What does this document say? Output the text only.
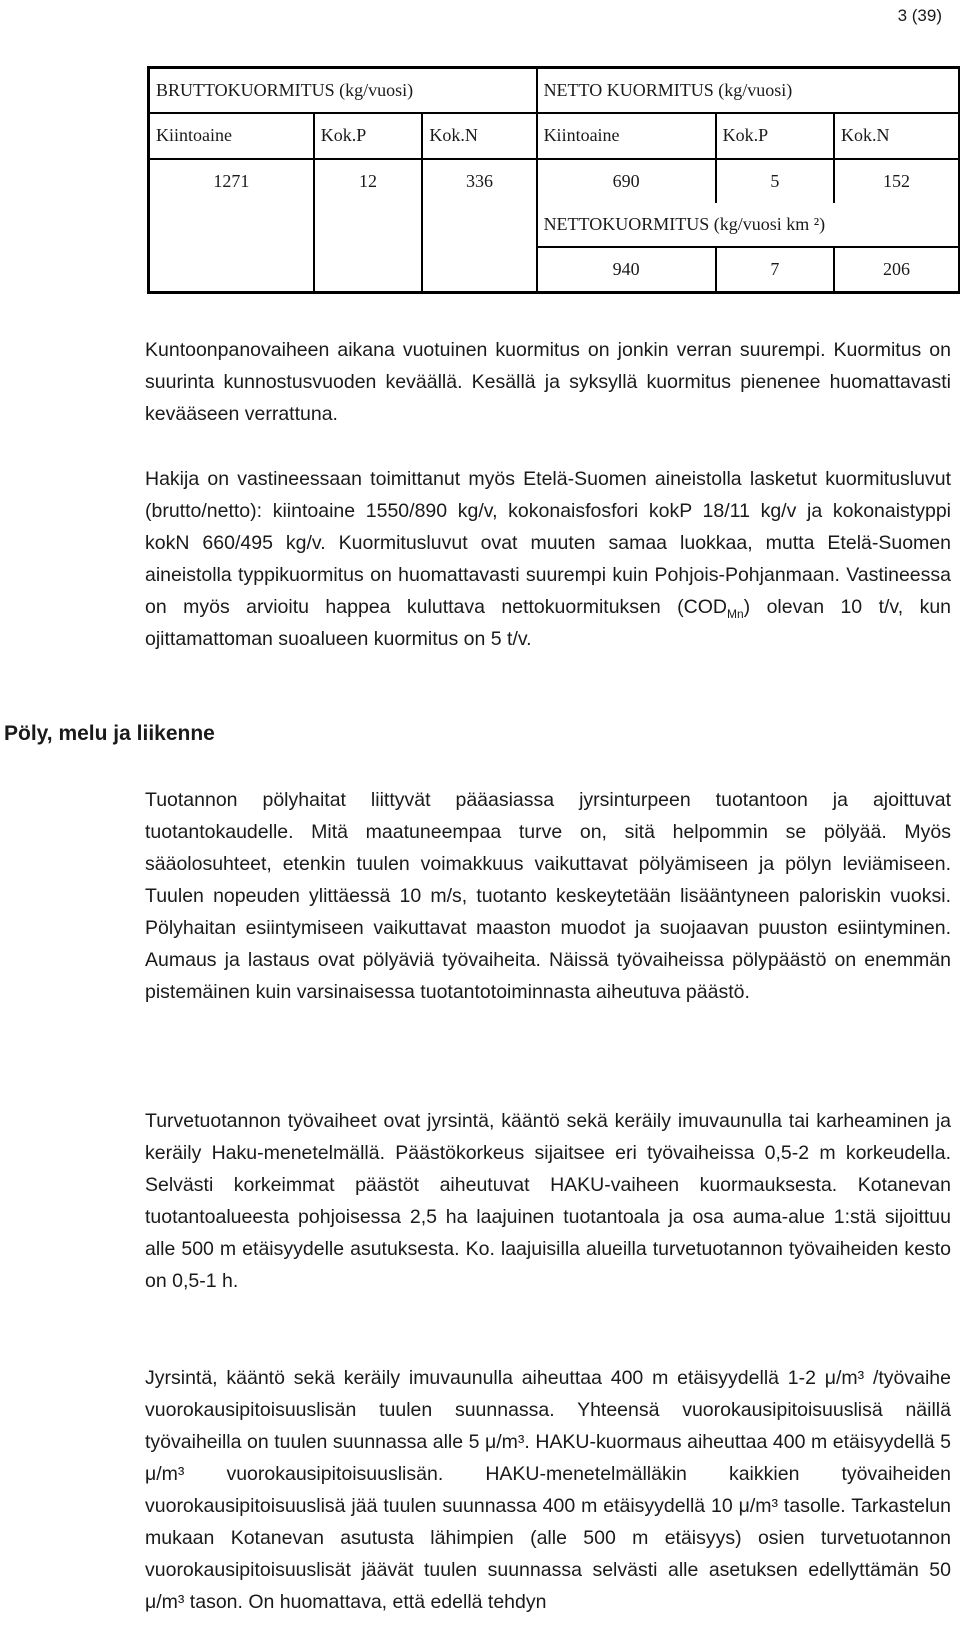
3 (39)
BRUTTOKUORMITUS (kg/vuosi)			NETTO KUORMITUS (kg/vuosi)		
Kiintoaine	Kok.P	Kok.N	Kiintoaine	Kok.P	Kok.N
1271	12	336	690	5	152
			NETTOKUORMITUS (kg/vuosi km ²)		
			940	7	206

Kuntoonpanovaiheen aikana vuotuinen kuormitus on jonkin verran suurempi. Kuormitus on suurinta kunnostusvuoden keväällä. Kesällä ja syksyllä kuormitus pienenee huomattavasti kevääseen verrattuna.

Hakija on vastineessaan toimittanut myös Etelä-Suomen aineistolla lasketut kuormitusluvut (brutto/netto): kiintoaine 1550/890 kg/v, kokonaisfosfori kokP 18/11 kg/v ja kokonaistyppi kokN 660/495 kg/v. Kuormitusluvut ovat muuten samaa luokkaa, mutta Etelä-Suomen aineistolla typpikuormitus on huomattavasti suurempi kuin Pohjois-Pohjanmaan. Vastineessa on myös arvioitu happea kuluttava nettokuormituksen $(COD_{Mn})$ olevan 10 t/v, kun ojittamattoman suoalueen kuormitus on 5 t/v.

Pöly, melu ja liikenne

Tuotannon pölyhaitat liittyvät pääasiassa jyrsinturpeen tuotantoon ja ajoittuvat tuotantokaudelle. Mitä maatuneempaa turve on, sitä helpommin se pölyää. Myös sääolosuhteet, etenkin tuulen voimakkuus vaikuttavat pölyämiseen ja pölyn leviämiseen. Tuulen nopeuden ylittäessä 10 m/s, tuotanto keskeytetään lisääntyneen paloriskin vuoksi. Pölyhaitan esiintymiseen vaikuttavat maaston muodot ja suojaavan puuston esiintyminen. Aumaus ja lastaus ovat pölyäviä työvaiheita. Näissä työvaiheissa pölypäästö on enemmän pistemäinen kuin varsinaisessa tuotantotoiminnasta aiheutuva päästö.

Turvetuotannon työvaiheet ovat jyrsintä, kääntö sekä keräily imuvaunulla tai karheaminen ja keräily Haku-menetelmällä. Päästökorkeus sijaitsee eri työvaiheissa 0,5-2 m korkeudella. Selvästi korkeimmat päästöt aiheutuvat HAKU-vaiheen kuormauksesta. Kotanevan tuotantoalueesta pohjoisessa 2,5 ha laajuinen tuotantoala ja osa auma-alue 1:stä sijoittuu alle 500 m etäisyydelle asutuksesta. Ko. laajuisilla alueilla turvetuotannon työvaiheiden kesto on 0,5-1 h.

Jyrsintä, kääntö sekä keräily imuvaunulla aiheuttaa 400 m etäisyydellä 1-2 μ/m³ /työvaihe vuorokausipitoisuuslisän tuulen suunnassa. Yhteensä vuorokausipitoisuuslisä näillä työvaiheilla on tuulen suunnassa alle 5 μ/m³. HAKU-kuormaus aiheuttaa 400 m etäisyydellä 5 μ/m³ vuorokausipitoisuuslisän. HAKU-menetelmälläkin kaikkien työvaiheiden vuorokausipitoisuuslisä jää tuulen suunnassa 400 m etäisyydellä 10 μ/m³ tasolle. Tarkastelun mukaan Kotanevan asutusta lähimpien (alle 500 m etäisyys) osien turvetuotannon vuorokausipitoisuuslisät jäävät tuulen suunnassa selvästi alle asetuksen edellyttämän 50 μ/m³ tason. On huomattava, että edellä tehdyn
